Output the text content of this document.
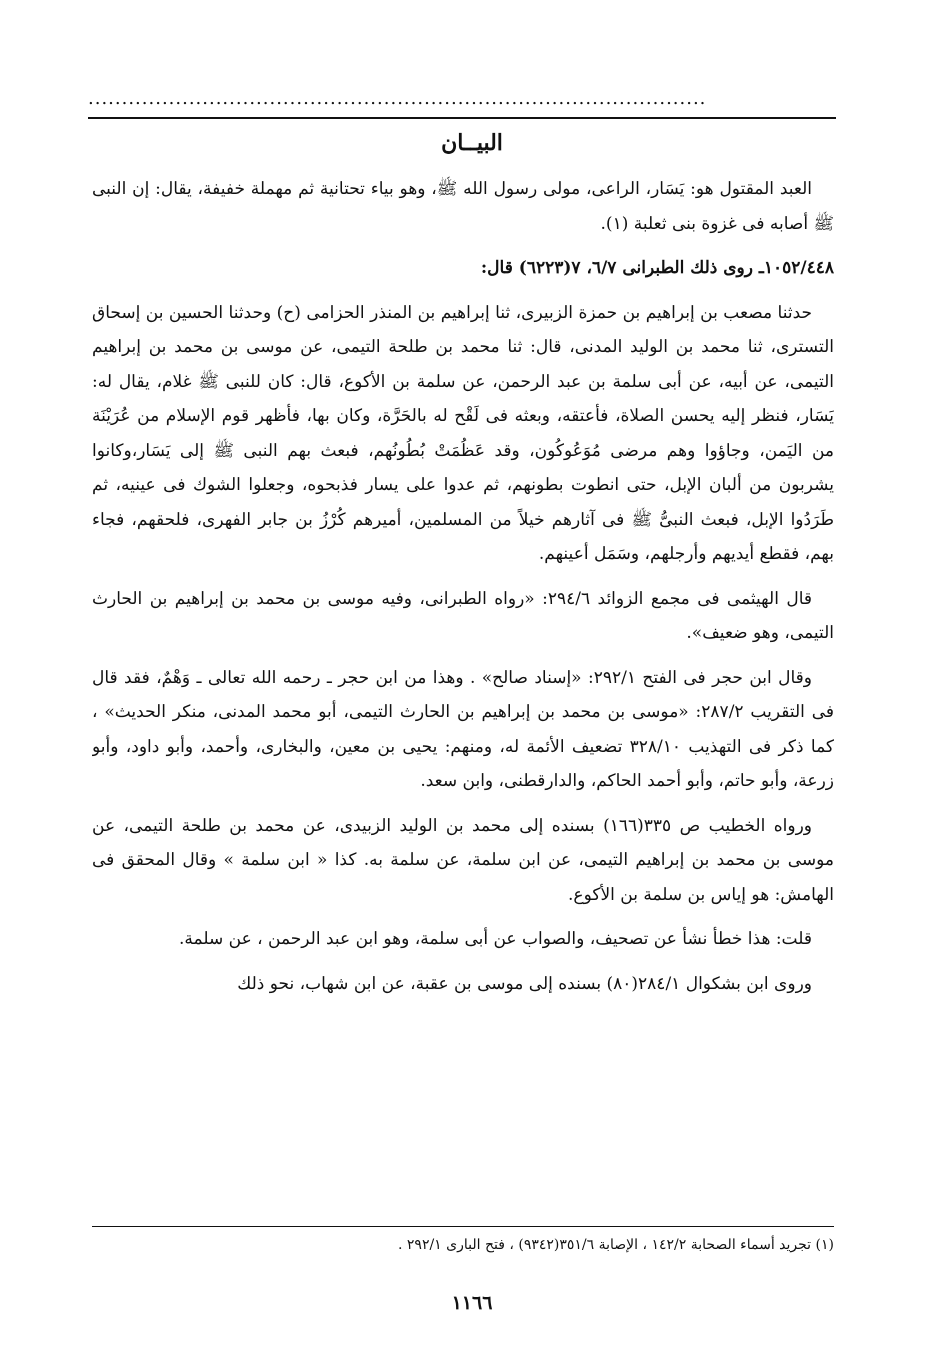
............................................................................................
البيــان

العبد المقتول هو: يَسَار، الراعى، مولى رسول الله ﷺ، وهو بياء تحتانية ثم مهملة خفيفة، يقال: إن النبى ﷺ أصابه فى غزوة بنى ثعلبة (١).

١٠٥٢/٤٤٨ـ روى ذلك الطبرانى ٦/٧، ٧(٦٢٢٣) قال:

حدثنا مصعب بن إبراهيم بن حمزة الزبيرى، ثنا إبراهيم بن المنذر الحزامى (ح) وحدثنا الحسين بن إسحاق التسترى، ثنا محمد بن الوليد المدنى، قال: ثنا محمد بن طلحة التيمى، عن موسى بن محمد بن إبراهيم التيمى، عن أبيه، عن أبى سلمة بن عبد الرحمن، عن سلمة بن الأكوع، قال: كان للنبى ﷺ غلام، يقال له: يَسَار، فنظر إليه يحسن الصلاة، فأعتقه، وبعثه فى لَقْح له بالحَرَّة، وكان بها، فأظهر قوم الإسلام من عُرَيْنَة من اليَمن، وجاؤوا وهم مرضى مُوَعُوكُون، وقد عَظُمَتْ بُطُونُهم، فبعث بهم النبى ﷺ إلى يَسَار،وكانوا يشربون من ألبان الإبل، حتى انطوت بطونهم، ثم عدوا على يسار فذبحوه، وجعلوا الشوك فى عينيه، ثم طَرَدُوا الإبل، فبعث النبىُّ ﷺ فى آثارهم خيلاً من المسلمين، أميرهم كُرْزُ بن جابر الفهرى، فلحقهم، فجاء بهم، فقطع أيديهم وأرجلهم، وسَمَل أعينهم.

قال الهيثمى فى مجمع الزوائد ٢٩٤/٦: «رواه الطبرانى، وفيه موسى بن محمد بن إبراهيم بن الحارث التيمى، وهو ضعيف».

وقال ابن حجر فى الفتح ٢٩٢/١: «إسناد صالح» . وهذا من ابن حجر ـ رحمه الله تعالى ـ وَهْمٌ، فقد قال فى التقريب ٢٨٧/٢: «موسى بن محمد بن إبراهيم بن الحارث التيمى، أبو محمد المدنى، منكر الحديث» ، كما ذكر فى التهذيب ٣٢٨/١٠ تضعيف الأئمة له، ومنهم: يحيى بن معين، والبخارى، وأحمد، وأبو داود، وأبو زرعة، وأبو حاتم، وأبو أحمد الحاكم، والدارقطنى، وابن سعد.

ورواه الخطيب ص ٣٣٥(١٦٦) بسنده إلى محمد بن الوليد الزبيدى، عن محمد بن طلحة التيمى، عن موسى بن محمد بن إبراهيم التيمى، عن ابن سلمة، عن سلمة به. كذا « ابن سلمة » وقال المحقق فى الهامش: هو إياس بن سلمة بن الأكوع.

قلت: هذا خطأ نشأ عن تصحيف، والصواب عن أبى سلمة، وهو ابن عبد الرحمن ، عن سلمة.

وروى ابن بشكوال ٢٨٤/١(٨٠) بسنده إلى موسى بن عقبة، عن ابن شهاب، نحو ذلك

(١) تجريد أسماء الصحابة ١٤٢/٢ ، الإصابة ٣٥١/٦(٩٣٤٢) ، فتح البارى ٢٩٢/١ .
١١٦٦
